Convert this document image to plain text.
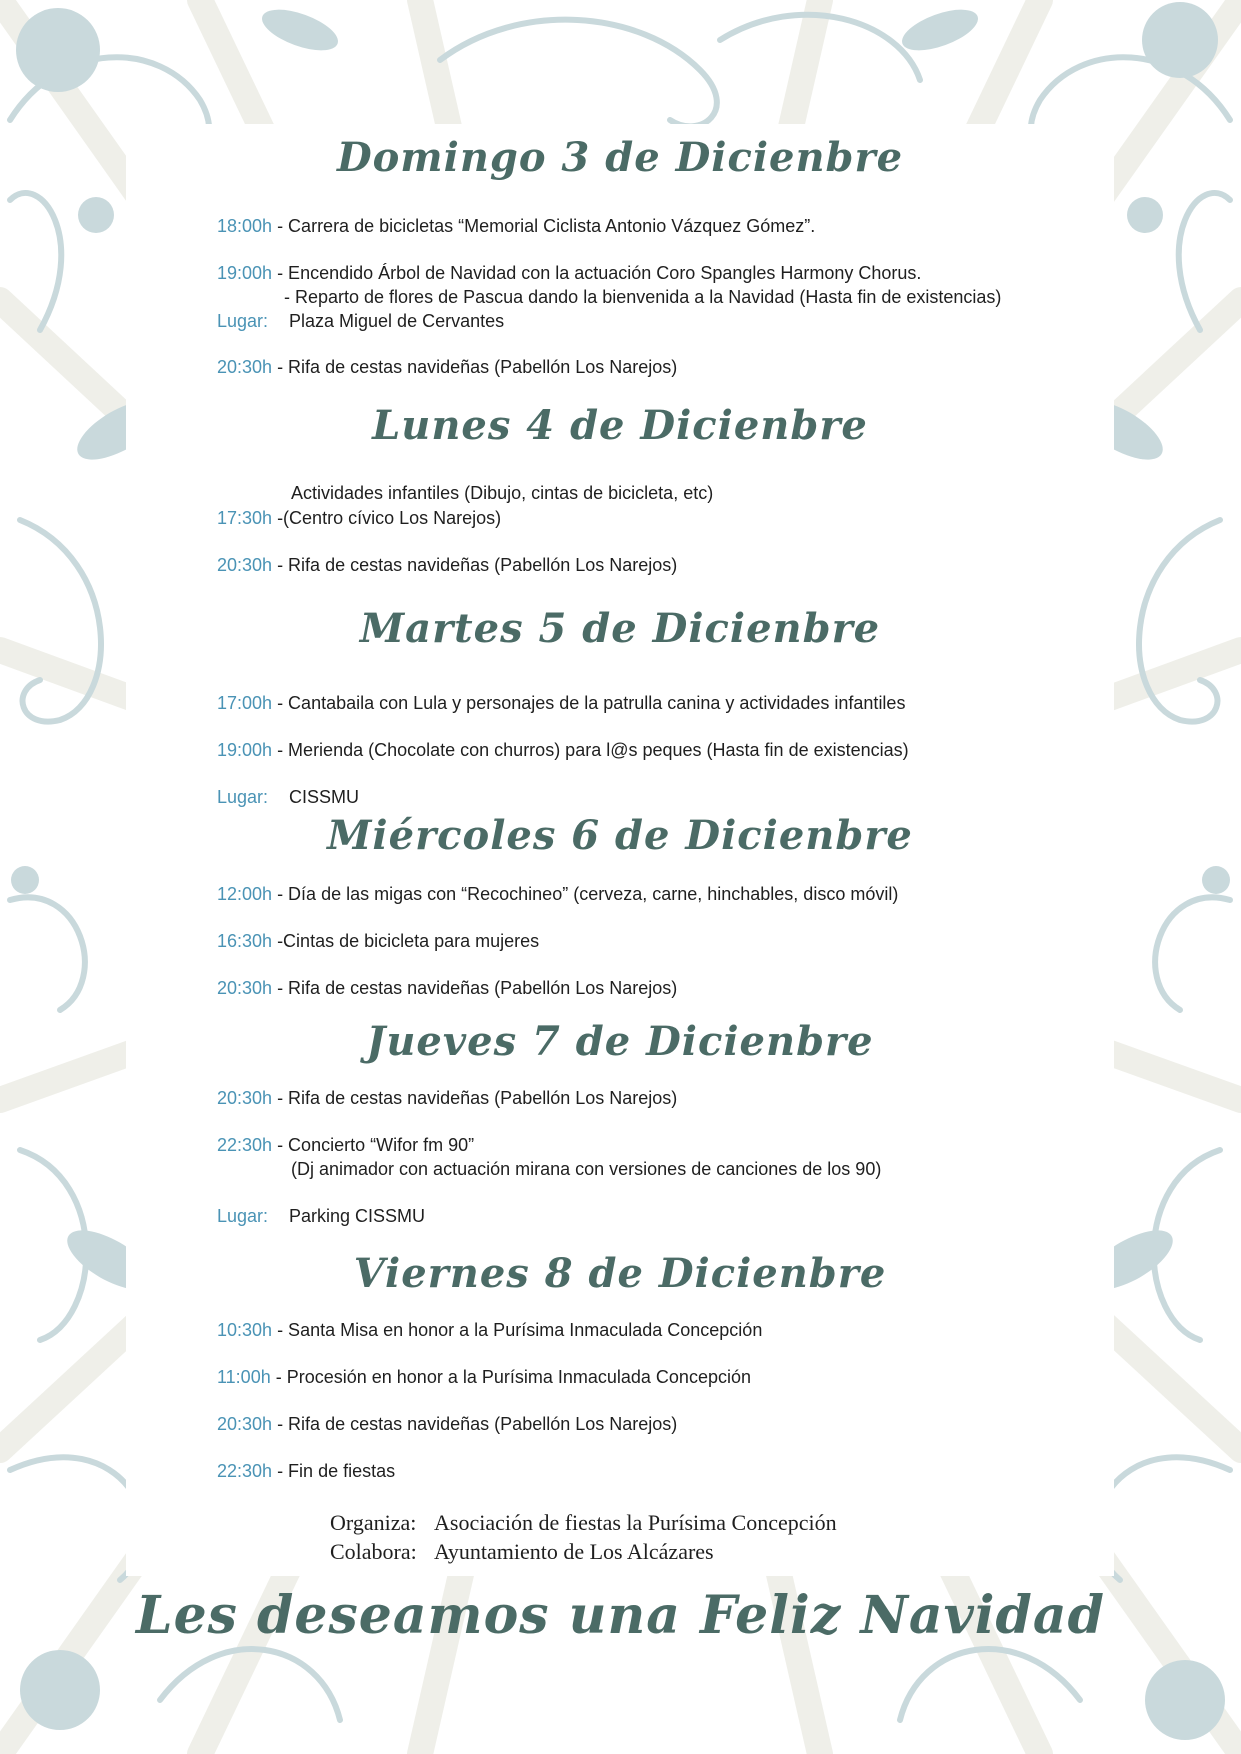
Domingo 3 de Dicienbre
18:00h - Carrera de bicicletas “Memorial Ciclista Antonio Vázquez Gómez”.
19:00h - Encendido Árbol de Navidad con la actuación Coro Spangles Harmony Chorus.
- Reparto de flores de Pascua dando la bienvenida a la Navidad (Hasta fin de existencias)
Lugar: Plaza Miguel de Cervantes
20:30h - Rifa de cestas navideñas (Pabellón Los Narejos)
Lunes 4 de Dicienbre
Actividades infantiles (Dibujo, cintas de bicicleta, etc)
17:30h -(Centro cívico Los Narejos)
20:30h - Rifa de cestas navideñas (Pabellón Los Narejos)
Martes 5 de Dicienbre
17:00h - Cantabaila con Lula y personajes de la patrulla canina y actividades infantiles
19:00h - Merienda (Chocolate con churros) para l@s peques (Hasta fin de existencias)
Lugar: CISSMU
Miércoles 6 de Dicienbre
12:00h - Día de las migas con “Recochineo” (cerveza, carne, hinchables, disco móvil)
16:30h -Cintas de bicicleta para mujeres
20:30h - Rifa de cestas navideñas (Pabellón Los Narejos)
Jueves 7 de Dicienbre
20:30h - Rifa de cestas navideñas (Pabellón Los Narejos)
22:30h - Concierto “Wifor fm 90”
(Dj animador con actuación mirana con versiones de canciones de los 90)
Lugar: Parking CISSMU
Viernes 8 de Dicienbre
10:30h - Santa Misa en honor a la Purísima Inmaculada Concepción
11:00h - Procesión en honor a la Purísima Inmaculada Concepción
20:30h - Rifa de cestas navideñas (Pabellón Los Narejos)
22:30h - Fin de fiestas
Organiza: Asociación de fiestas la Purísima Concepción
Colabora: Ayuntamiento de Los Alcázares
Les deseamos una Feliz Navidad
